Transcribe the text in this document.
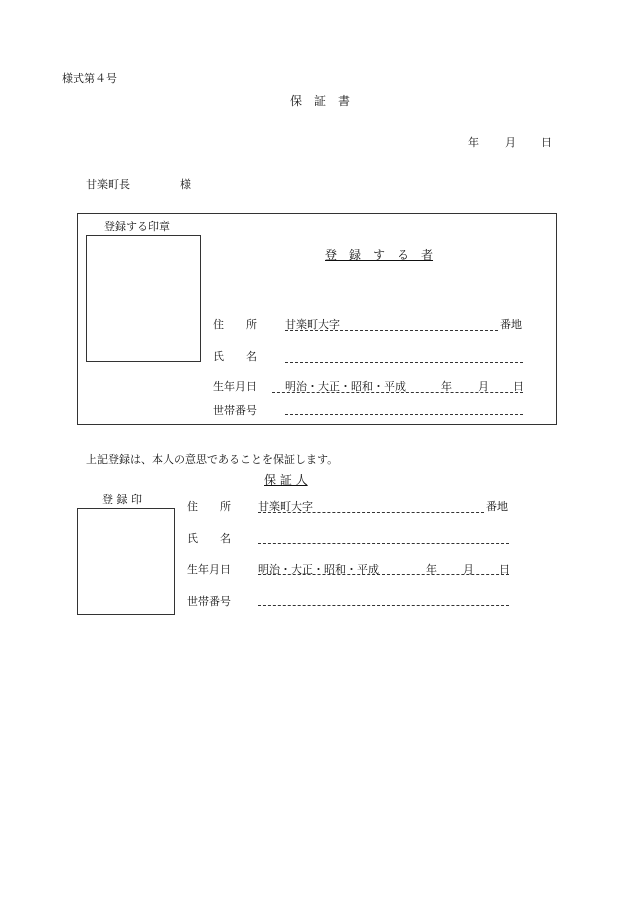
様式第４号
保　証　書
年 月 日
甘楽町長	様
登録する印章
登　録　す　る　者
住　　所	甘楽町大字	番地
氏　　名
生年月日	明治・大正・昭和・平成	年 月 日
世帯番号
上記登録は、本人の意思であることを保証します。
保 証 人
登 録 印
住　　所 甘楽町大字	番地
氏　　名
生年月日 明治・大正・昭和・平成	年 月 日
世帯番号
